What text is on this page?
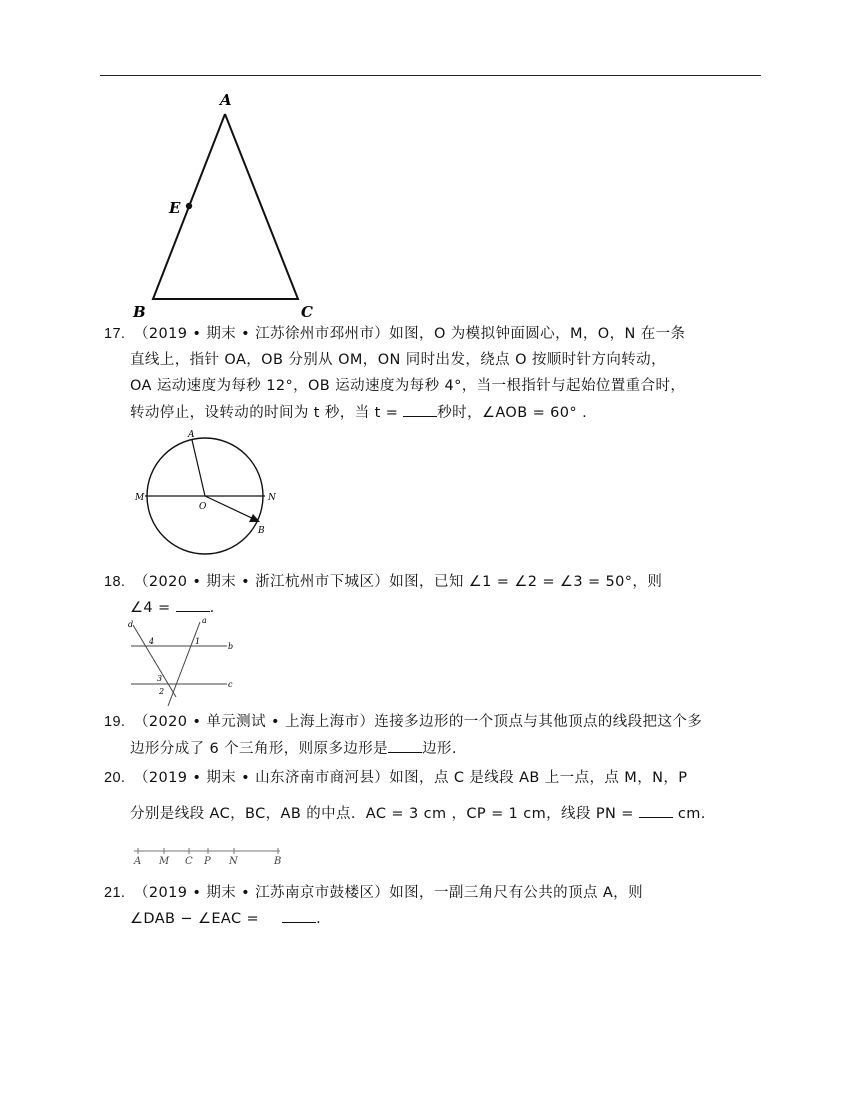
A
E
B	C
17. （2019 • 期末 • 江苏徐州市邳州市）如图，O 为模拟钟面圆心，M，O，N 在一条
直线上，指针 OA，OB 分别从 OM，ON 同时出发，绕点 O 按顺时针方向转动，
OA 运动速度为每秒 12°，OB 运动速度为每秒 4°，当一根指针与起始位置重合时，
转动停止，设转动的时间为 t 秒，当 t = 秒时，∠AOB = 60° .
A
M	N
O
B
18. （2020 • 期末 • 浙江杭州市下城区）如图，已知 ∠1 = ∠2 = ∠3 = 50°，则
∠4 = .
d	a
b
c
4	1
3
2
19. （2020 • 单元测试 • 上海上海市）连接多边形的一个顶点与其他顶点的线段把这个多
边形分成了 6 个三角形，则原多边形是 边形.
20. （2019 • 期末 • 山东济南市商河县）如图，点 C 是线段 AB 上一点，点 M，N，P
分别是线段 AC，BC，AB 的中点．AC = 3 cm ，CP = 1 cm，线段 PN =  cm.
A M C P N	B
21. （2019 • 期末 • 江苏南京市鼓楼区）如图，一副三角尺有公共的顶点 A，则
∠DAB − ∠EAC =	.
